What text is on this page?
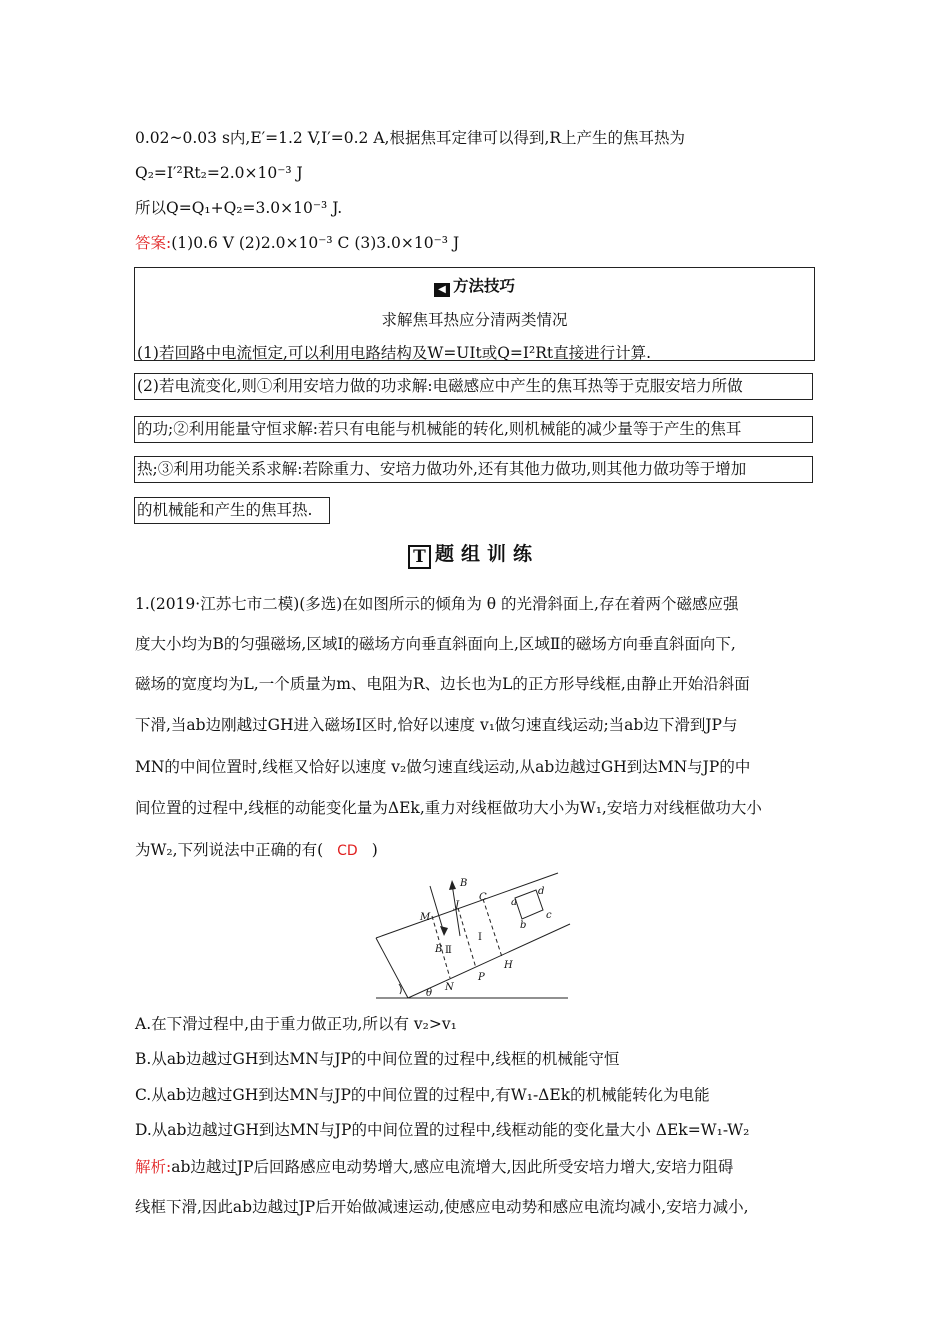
0.02~0.03 s内,E′=1.2 V,I′=0.2 A,根据焦耳定律可以得到,R上产生的焦耳热为
Q₂=I′²Rt₂=2.0×10⁻³ J
所以Q=Q₁+Q₂=3.0×10⁻³ J.
答案:(1)0.6 V (2)2.0×10⁻³ C (3)3.0×10⁻³ J
◀ 方法技巧
求解焦耳热应分清两类情况
(1)若回路中电流恒定,可以利用电路结构及W=UIt或Q=I²Rt直接进行计算.
(2)若电流变化,则①利用安培力做的功求解:电磁感应中产生的焦耳热等于克服安培力所做
的功;②利用能量守恒求解:若只有电能与机械能的转化,则机械能的减少量等于产生的焦耳
热;③利用功能关系求解:若除重力、安培力做功外,还有其他力做功,则其他力做功等于增加
的机械能和产生的焦耳热.
T 题组训练
1.(2019·江苏七市二模)(多选)在如图所示的倾角为 θ 的光滑斜面上,存在着两个磁感应强
度大小均为B的匀强磁场,区域Ⅰ的磁场方向垂直斜面向上,区域Ⅱ的磁场方向垂直斜面向下,
磁场的宽度均为L,一个质量为m、电阻为R、边长也为L的正方形导线框,由静止开始沿斜面
下滑,当ab边刚越过GH进入磁场Ⅰ区时,恰好以速度 v₁做匀速直线运动;当ab边下滑到JP与
MN的中间位置时,线框又恰好以速度 v₂做匀速直线运动,从ab边越过GH到达MN与JP的中
间位置的过程中,线框的动能变化量为ΔEk,重力对线框做功大小为W₁,安培力对线框做功大小
为W₂,下列说法中正确的有( CD )
M
J
C
d
a
c
b
B
B Ⅱ
Ⅰ
H
P
N
θ
A.在下滑过程中,由于重力做正功,所以有 v₂>v₁
B.从ab边越过GH到达MN与JP的中间位置的过程中,线框的机械能守恒
C.从ab边越过GH到达MN与JP的中间位置的过程中,有W₁-ΔEk的机械能转化为电能
D.从ab边越过GH到达MN与JP的中间位置的过程中,线框动能的变化量大小 ΔEk=W₁-W₂
解析:ab边越过JP后回路感应电动势增大,感应电流增大,因此所受安培力增大,安培力阻碍
线框下滑,因此ab边越过JP后开始做减速运动,使感应电动势和感应电流均减小,安培力减小,
